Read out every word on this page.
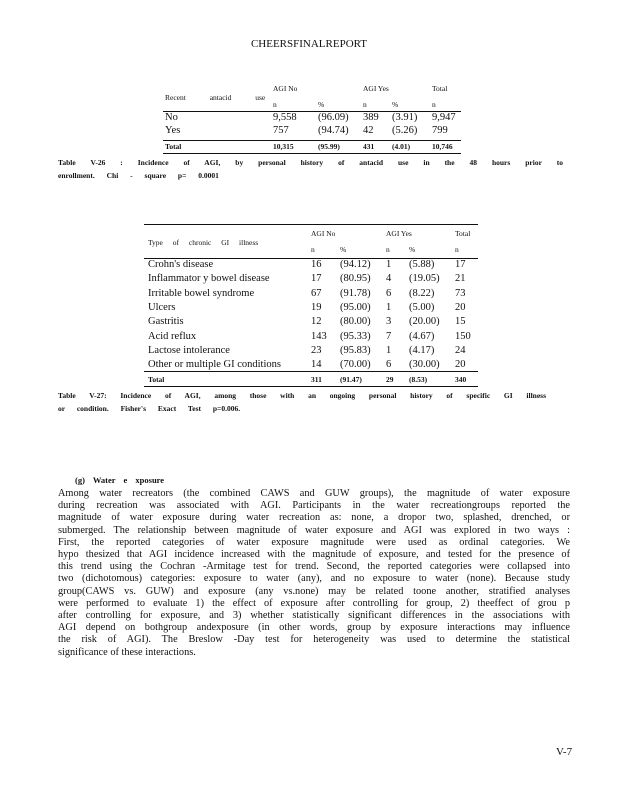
CHEERSFINALREPORT
AGI No	AGI Yes	Total
Recent antacid use
n	%	n	%	n
No	9,558 (96.09) 389 (3.91) 9,947
Yes	757	(94.74) 42 (5.26) 799
Total	10,315	(95.99)	431 (4.01)	10,746
Table V-26 : Incidence of AGI, by personal history of antacid use in the 48 hours prior to
enrollment. Chi - square p= 0.0001
AGI No	AGI Yes	Total
Type of chronic GI illness
n	%	n	%	n
Crohn's disease	16 (94.12) 1 (5.88) 17
Inflammator y bowel disease	17 (80.95) 4 (19.05) 21
Irritable bowel syndrome	67 (91.78) 6 (8.22) 73
Ulcers	19 (95.00) 1 (5.00) 20
Gastritis	12 (80.00) 3 (20.00) 15
Acid reflux	143 (95.33) 7 (4.67) 150
Lactose intolerance	23 (95.83) 1 (4.17) 24
Other or multiple GI conditions	14 (70.00) 6 (30.00) 20
Total	311 (91.47)	29 (8.53)	340
Table V-27: Incidence of AGI, among those with an ongoing personal history of specific GI illness
or condition. Fisher's Exact Test p=0.006.
(g) Water e xposure
Among water recreators (the combined CAWS and GUW groups), the magnitude of water exposure
during recreation was associated with AGI. Participants in the water recreationgroups reported the
magnitude of water exposure during water recreation as: none, a dropor two, splashed, drenched, or
submerged. The relationship between magnitude of water exposure and AGI was explored in two ways :
First, the reported categories of water exposure magnitude were used as ordinal categories. We
hypo thesized that AGI incidence increased with the magnitude of exposure, and tested for the presence of
this trend using the Cochran -Armitage test for trend. Second, the reported categories were collapsed into
two (dichotomous) categories: exposure to water (any), and no exposure to water (none). Because study
group(CAWS vs. GUW) and exposure (any vs.none) may be related toone another, stratified analyses
were performed to evaluate 1) the effect of exposure after controlling for group, 2) theeffect of grou p
after controlling for exposure, and 3) whether statistically significant differences in the associations with
AGI depend on bothgroup andexposure (in other words, group by exposure interactions may influence
the risk of AGI). The Breslow -Day test for heterogeneity was used to determine the statistical
significance of these interactions.
V-7
